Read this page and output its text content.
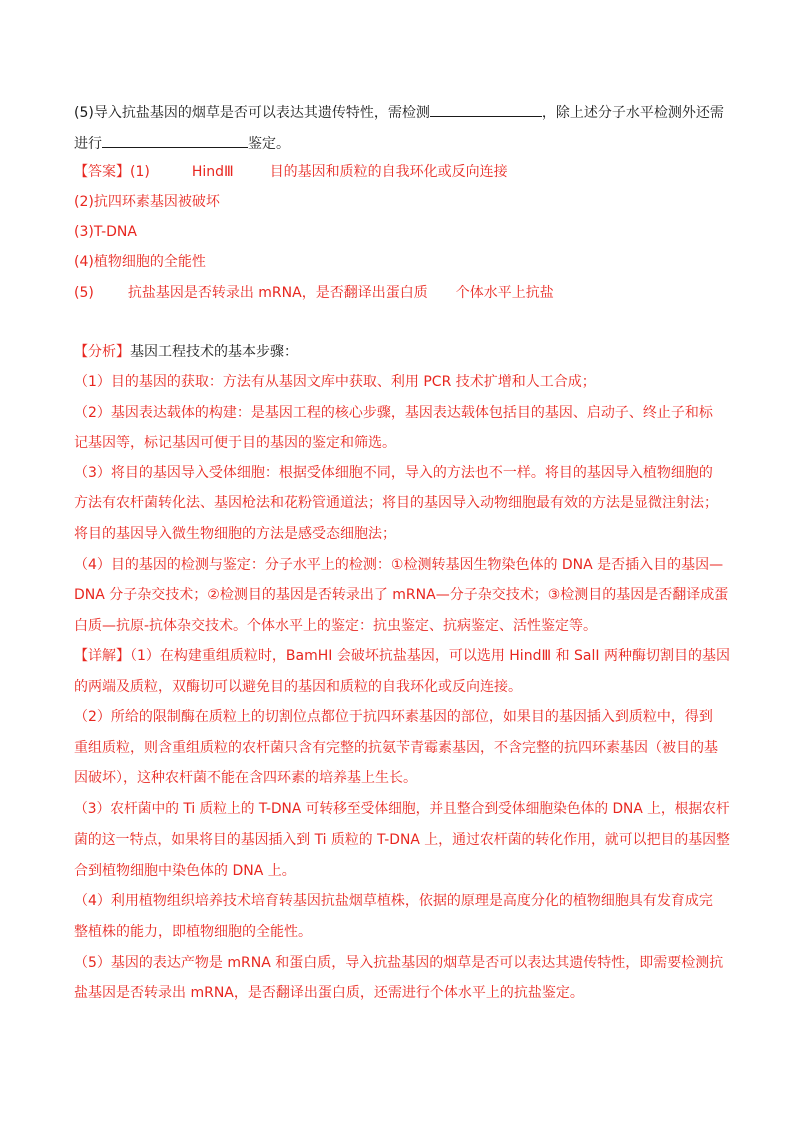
(5)导入抗盐基因的烟草是否可以表达其遗传特性，需检测	，除上述分子水平检测外还需
进行	鉴定。
【答案】(1)	HindⅢ	目的基因和质粒的自我环化或反向连接
(2)抗四环素基因被破坏
(3)T-DNA
(4)植物细胞的全能性
(5) 抗盐基因是否转录出 mRNA，是否翻译出蛋白质 个体水平上抗盐
【分析】基因工程技术的基本步骤：
（1）目的基因的获取：方法有从基因文库中获取、利用 PCR 技术扩增和人工合成；
（2）基因表达载体的构建：是基因工程的核心步骤，基因表达载体包括目的基因、启动子、终止子和标
记基因等，标记基因可便于目的基因的鉴定和筛选。
（3）将目的基因导入受体细胞：根据受体细胞不同，导入的方法也不一样。将目的基因导入植物细胞的
方法有农杆菌转化法、基因枪法和花粉管通道法；将目的基因导入动物细胞最有效的方法是显微注射法；
将目的基因导入微生物细胞的方法是感受态细胞法；
（4）目的基因的检测与鉴定：分子水平上的检测：①检测转基因生物染色体的 DNA 是否插入目的基因—
DNA 分子杂交技术；②检测目的基因是否转录出了 mRNA—分子杂交技术；③检测目的基因是否翻译成蛋
白质—抗原-抗体杂交技术。个体水平上的鉴定：抗虫鉴定、抗病鉴定、活性鉴定等。
【详解】（1）在构建重组质粒时，BamHI 会破坏抗盐基因，可以选用 HindⅢ 和 SalⅠ 两种酶切割目的基因
的两端及质粒，双酶切可以避免目的基因和质粒的自我环化或反向连接。
（2）所给的限制酶在质粒上的切割位点都位于抗四环素基因的部位，如果目的基因插入到质粒中，得到
重组质粒，则含重组质粒的农杆菌只含有完整的抗氨苄青霉素基因，不含完整的抗四环素基因（被目的基
因破坏），这种农杆菌不能在含四环素的培养基上生长。
（3）农杆菌中的 Ti 质粒上的 T-DNA 可转移至受体细胞，并且整合到受体细胞染色体的 DNA 上，根据农杆
菌的这一特点，如果将目的基因插入到 Ti 质粒的 T-DNA 上，通过农杆菌的转化作用，就可以把目的基因整
合到植物细胞中染色体的 DNA 上。
（4）利用植物组织培养技术培育转基因抗盐烟草植株，依据的原理是高度分化的植物细胞具有发育成完
整植株的能力，即植物细胞的全能性。
（5）基因的表达产物是 mRNA 和蛋白质，导入抗盐基因的烟草是否可以表达其遗传特性，即需要检测抗
盐基因是否转录出 mRNA，是否翻译出蛋白质，还需进行个体水平上的抗盐鉴定。
